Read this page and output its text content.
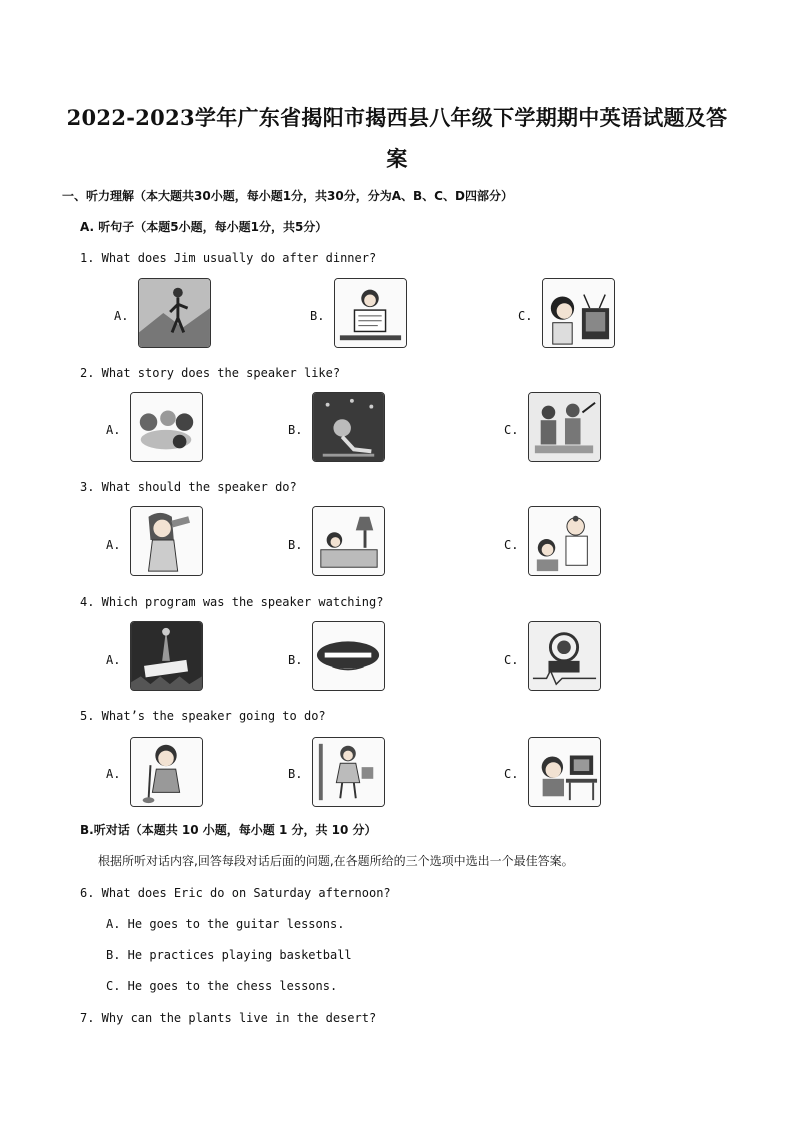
2022-2023学年广东省揭阳市揭西县八年级下学期期中英语试题及答
案
一、听力理解（本大题共30小题，每小题1分，共30分，分为A、B、C、D四部分）
A. 听句子（本题5小题，每小题1分，共5分）
1. What does Jim usually do after dinner?
A.	B.	C.
2. What story does the speaker like?
A.	B.	C.
3. What should the speaker do?
A.	B.	C.
4. Which program was the speaker watching?
A.	B.	C.
5. What’s the speaker going to do?
A.	B.	C.
B.听对话（本题共 10 小题，每小题 1 分，共 10 分）
根据所听对话内容,回答每段对话后面的问题,在各题所给的三个选项中选出一个最佳答案。
6. What does Eric do on Saturday afternoon?
A. He goes to the guitar lessons.
B. He practices playing basketball
C. He goes to the chess lessons.
7. Why can the plants live in the desert?
